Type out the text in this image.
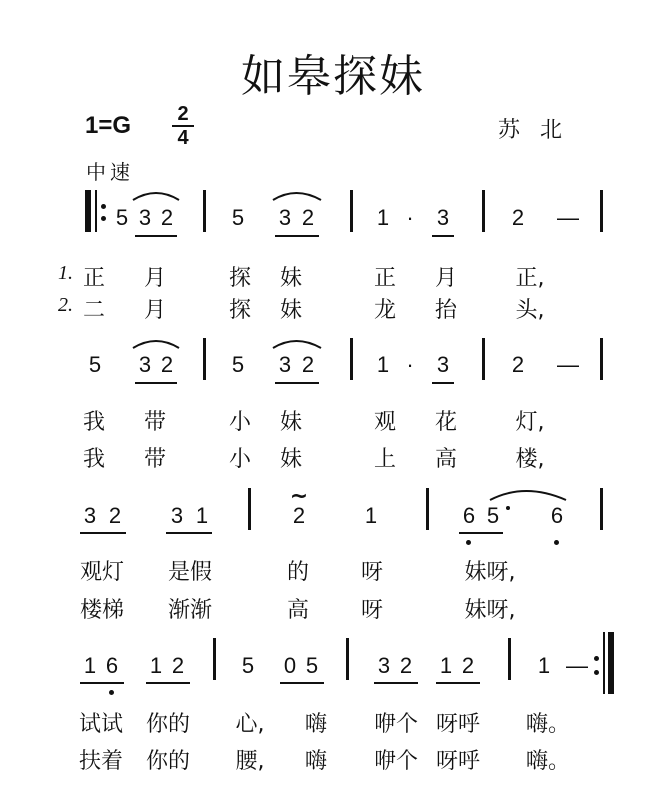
如皋探妹
1=G 2
4	苏北
中速
5 3 2	5 3 2	1 · 3	2 —
1.
2.
正 月	探 妹	正 月	正,
二 月	探 妹	龙 抬	头,
5 3 2	5 3 2	1 · 3	2 —
我 带	小 妹	观 花	灯,
我 带	小 妹	上 高	楼,
3 2 3 1
~
2	1	6 5 6
观灯 是假	的 呀	妹呀,
楼梯 渐渐	高 呀	妹呀,
1 6 1 2	5 0 5	3 2 1 2	1 —
试试 你的 心, 嗨 咿个 呀呼 嗨。
扶着 你的 腰, 嗨 咿个 呀呼 嗨。
